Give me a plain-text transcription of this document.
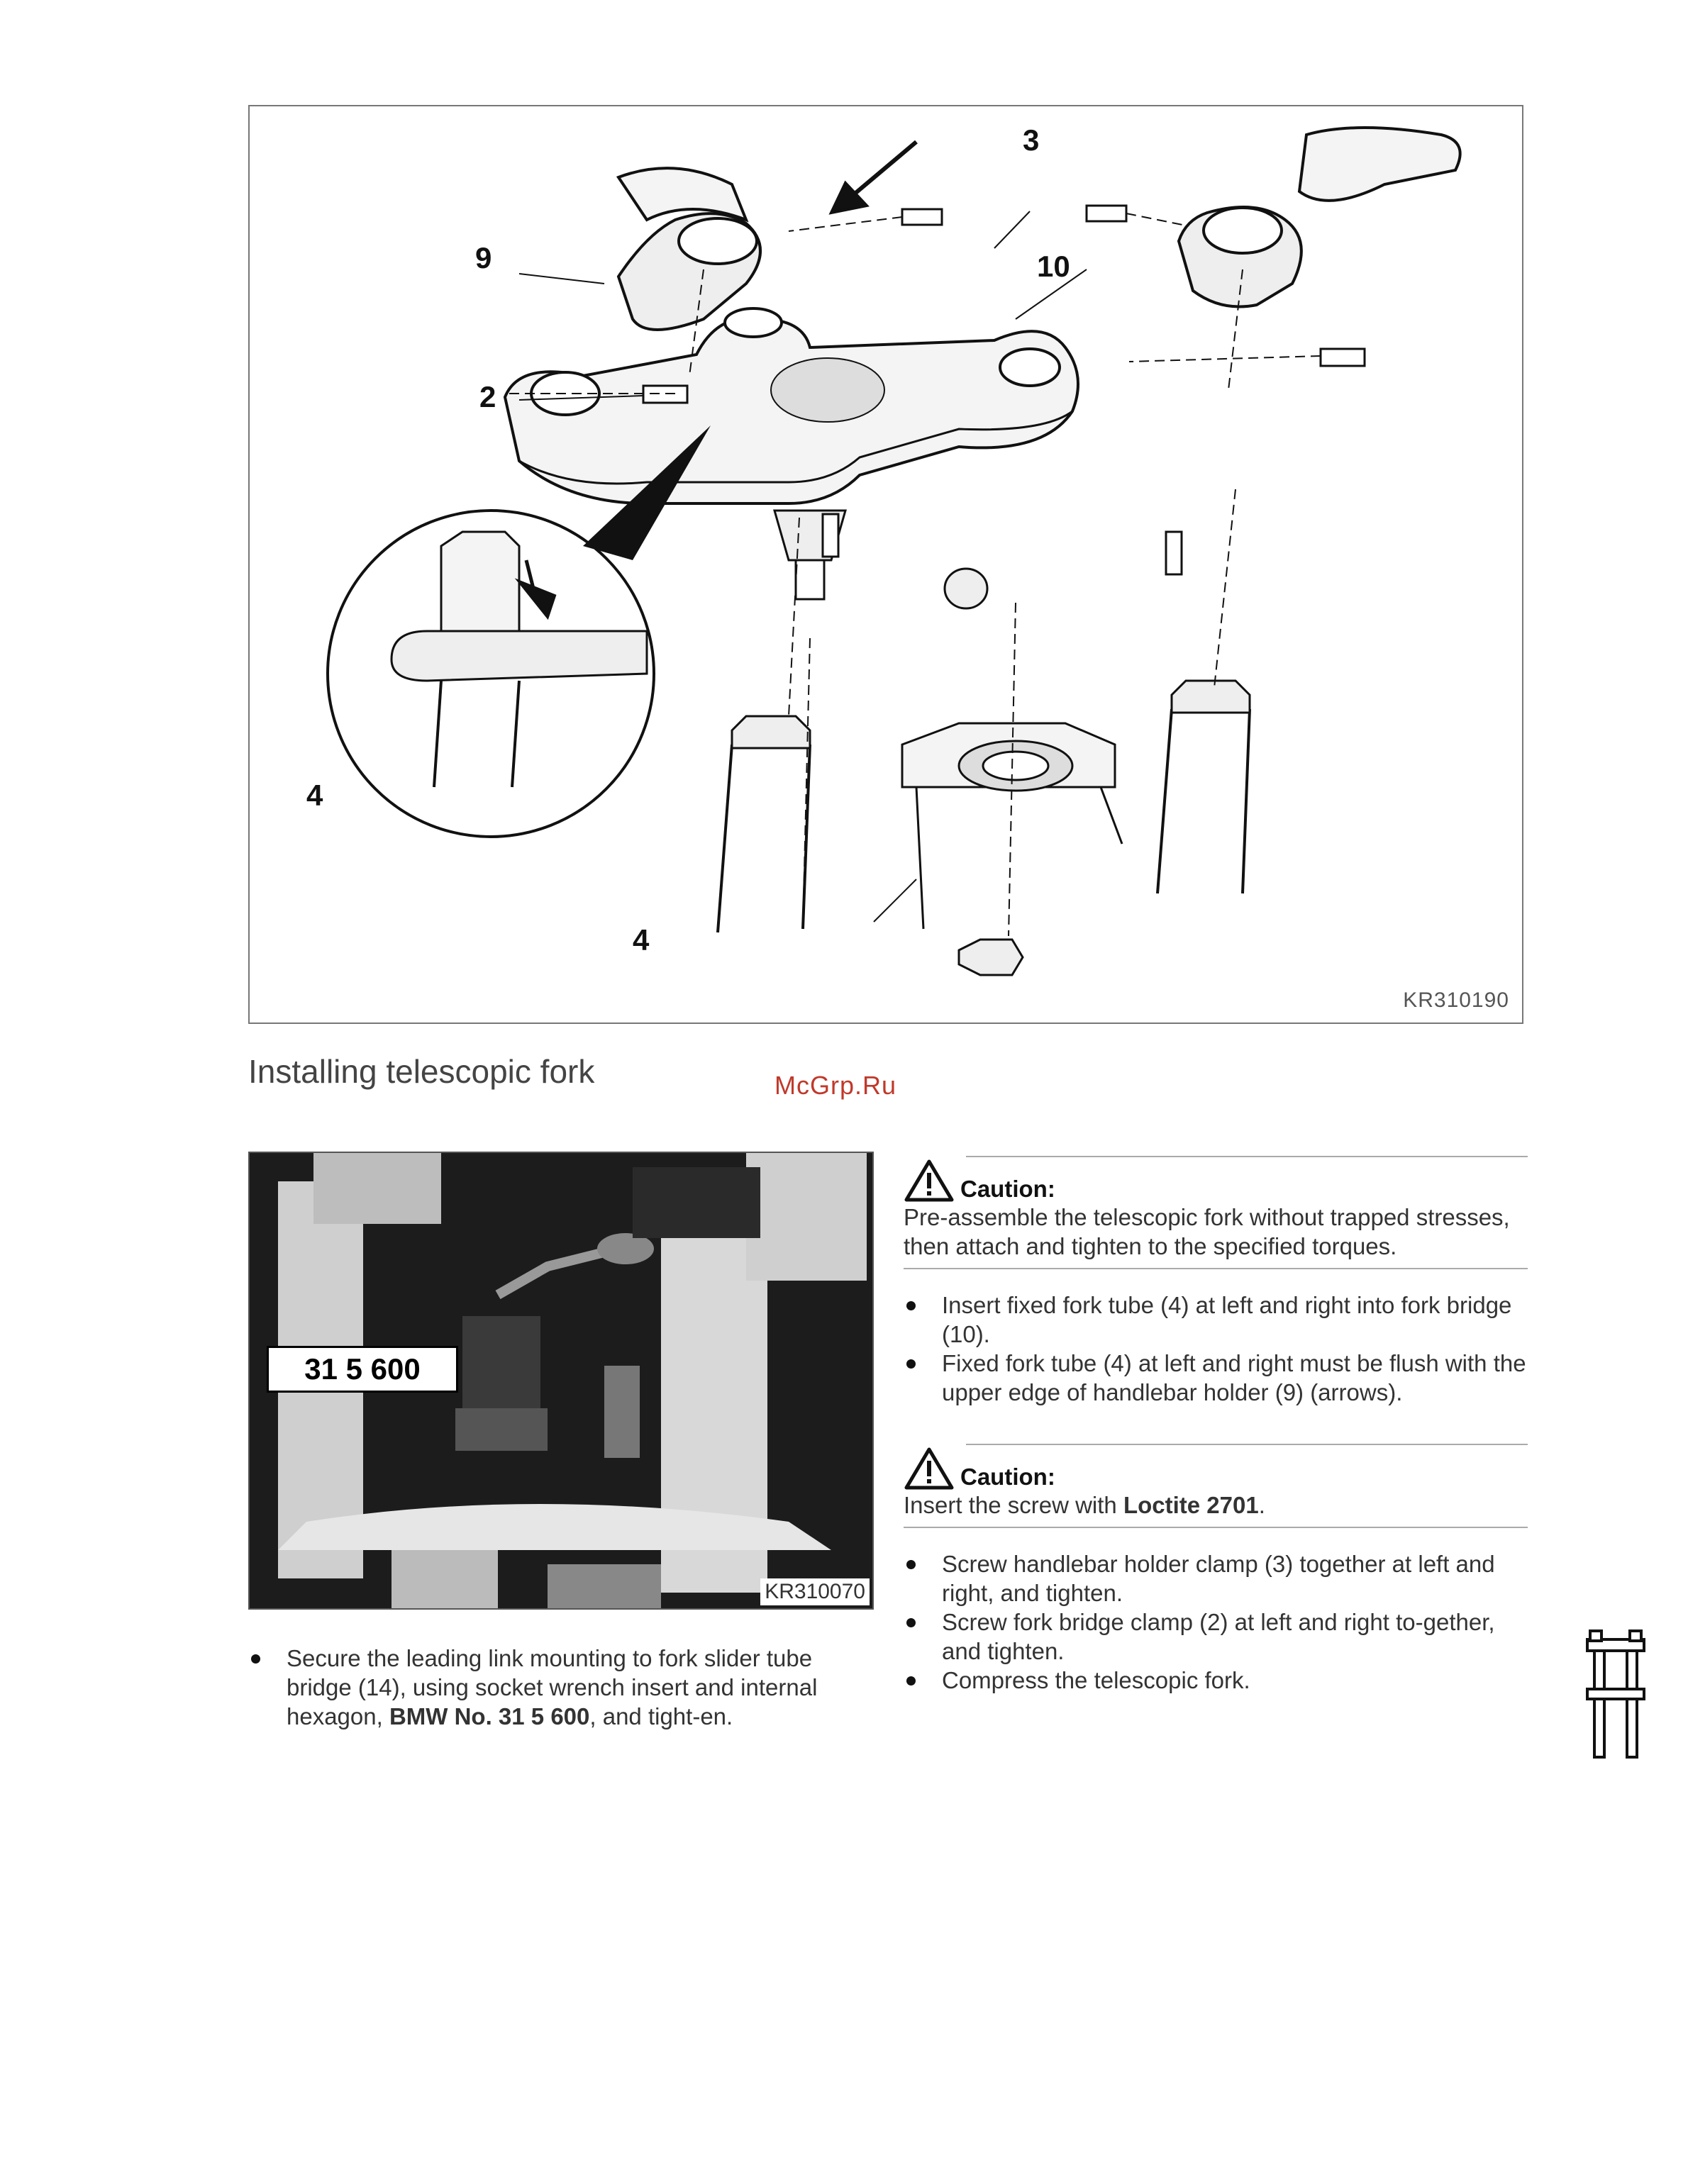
3
9	10
2
4
4
KR310190
Installing telescopic fork	McGrp.Ru
31 5 600
KR310070
Secure the leading link mounting to fork slider tube bridge (14), using socket wrench insert and internal hexagon, BMW No. 31 5 600, and tight-en.
Caution:
Pre-assemble the telescopic fork without trapped stresses, then attach and tighten to the specified torques.
Insert fixed fork tube (4) at left and right into fork bridge (10).
Fixed fork tube (4) at left and right must be flush with the upper edge of handlebar holder (9) (arrows).
Caution:
Insert the screw with Loctite 2701.
Screw handlebar holder clamp (3) together at left and right, and tighten.
Screw fork bridge clamp (2) at left and right to-gether, and tighten.
Compress the telescopic fork.
